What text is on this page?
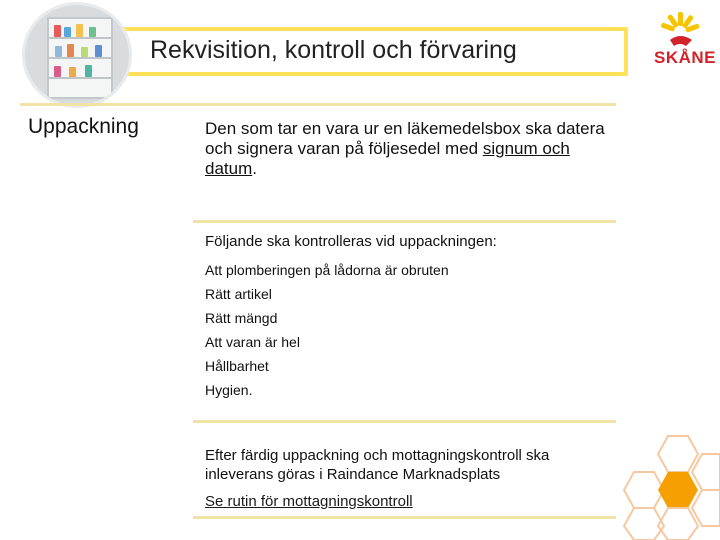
Rekvisition, kontroll och förvaring	SKÅNE
Uppackning	Den som tar en vara ur en läkemedelsbox ska datera och signera varan på följesedel med signum och datum.
Följande ska kontrolleras vid uppackningen:
Att plomberingen på lådorna är obruten
Rätt artikel
Rätt mängd
Att varan är hel
Hållbarhet
Hygien.
Efter färdig uppackning och mottagningskontroll ska inleverans göras i Raindance Marknadsplats
Se rutin för mottagningskontroll
